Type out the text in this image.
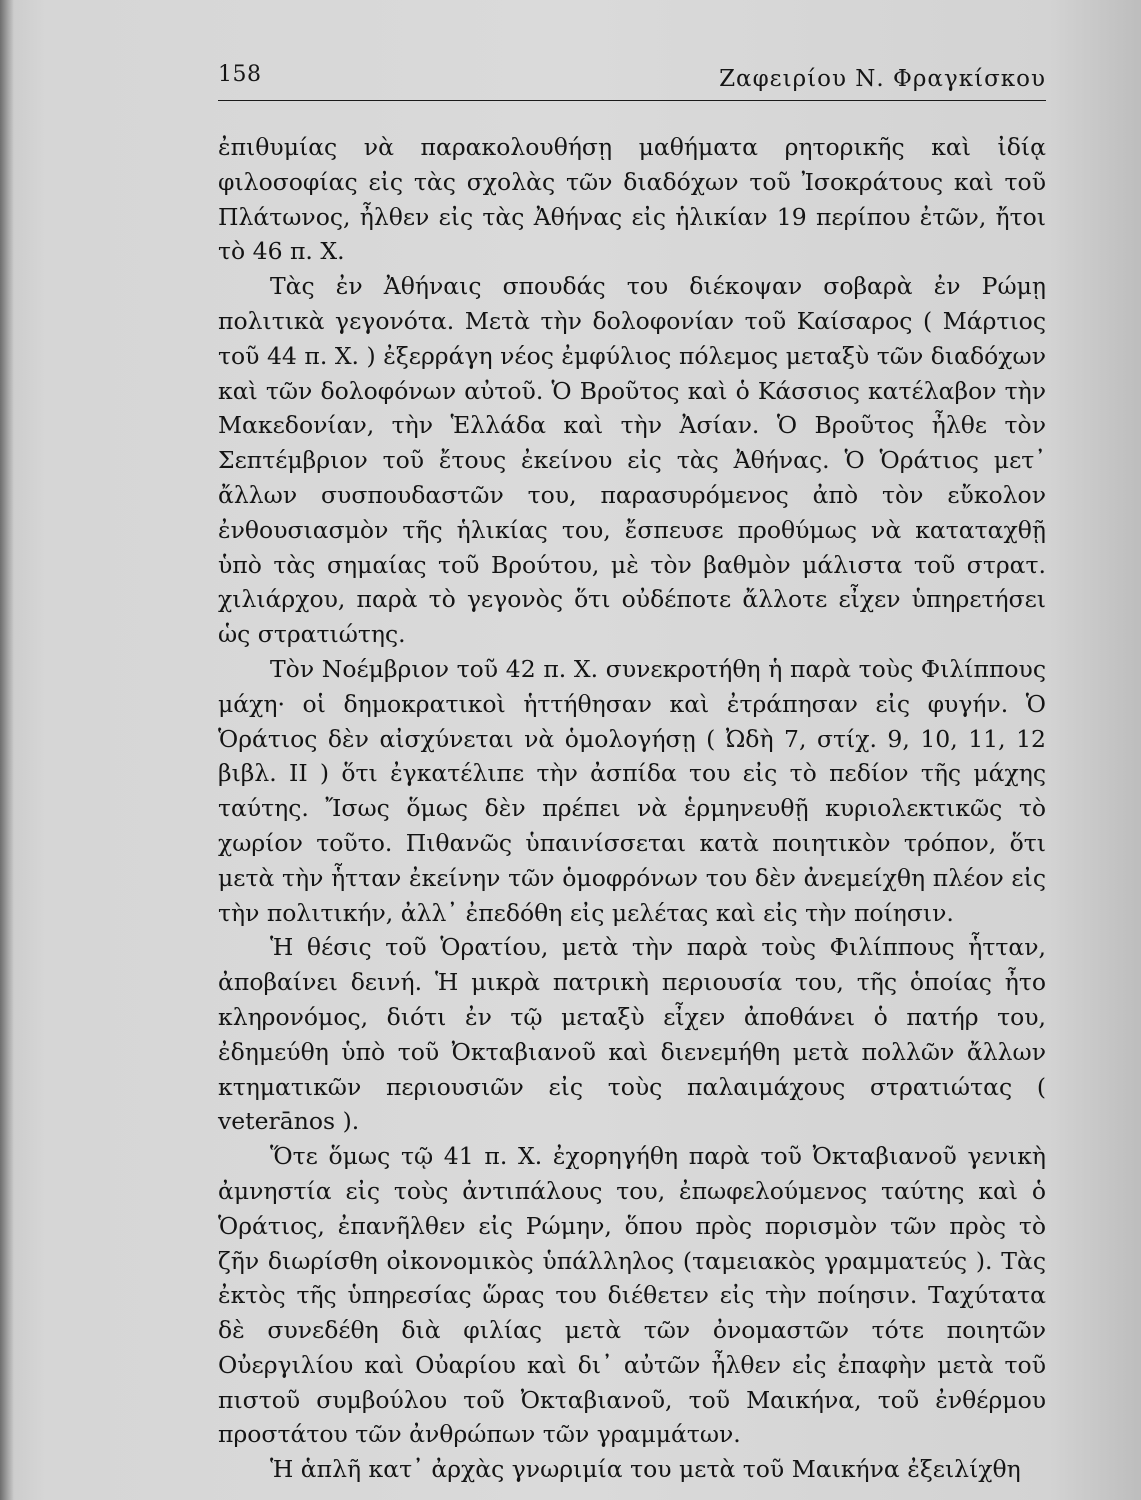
158	Ζαφειρίου Ν. Φραγκίσκου

ἐπιθυμίας νὰ παρακολουθήσῃ μαθήματα ρητορικῆς καὶ ἰδίᾳ φιλοσοφίας εἰς τὰς σχολὰς τῶν διαδόχων τοῦ Ἰσοκράτους καὶ τοῦ Πλάτωνος, ἦλθεν εἰς τὰς Ἀθήνας εἰς ἡλικίαν 19 περίπου ἐτῶν, ἤτοι τὸ 46 π. Χ.

Τὰς ἐν Ἀθήναις σπουδάς του διέκοψαν σοβαρὰ ἐν Ρώμῃ πολιτικὰ γεγονότα. Μετὰ τὴν δολοφονίαν τοῦ Καίσαρος ( Μάρτιος τοῦ 44 π. Χ. ) ἐξερράγη νέος ἐμφύλιος πόλεμος μεταξὺ τῶν διαδόχων καὶ τῶν δολοφόνων αὐτοῦ. Ὁ Βροῦτος καὶ ὁ Κάσσιος κατέλαβον τὴν Μακεδονίαν, τὴν Ἑλλάδα καὶ τὴν Ἀσίαν. Ὁ Βροῦτος ἦλθε τὸν Σεπτέμβριον τοῦ ἔτους ἐκείνου εἰς τὰς Ἀθήνας. Ὁ Ὁράτιος μετ᾽ ἄλλων συσπουδαστῶν του, παρασυρόμενος ἀπὸ τὸν εὔκολον ἐνθουσιασμὸν τῆς ἡλικίας του, ἔσπευσε προθύμως νὰ καταταχθῇ ὑπὸ τὰς σημαίας τοῦ Βρούτου, μὲ τὸν βαθμὸν μάλιστα τοῦ στρατ. χιλιάρχου, παρὰ τὸ γεγονὸς ὅτι οὐδέποτε ἄλλοτε εἶχεν ὑπηρετήσει ὡς στρατιώτης.

Τὸν Νοέμβριον τοῦ 42 π. Χ. συνεκροτήθη ἡ παρὰ τοὺς Φιλίππους μάχη· οἱ δημοκρατικοὶ ἡττήθησαν καὶ ἐτράπησαν εἰς φυγήν. Ὁ Ὁράτιος δὲν αἰσχύνεται νὰ ὁμολογήσῃ ( Ὠδὴ 7, στίχ. 9, 10, 11, 12 βιβλ. ΙΙ ) ὅτι ἐγκατέλιπε τὴν ἀσπίδα του εἰς τὸ πεδίον τῆς μάχης ταύτης. Ἴσως ὅμως δὲν πρέπει νὰ ἑρμηνευθῇ κυριολεκτικῶς τὸ χωρίον τοῦτο. Πιθανῶς ὑπαινίσσεται κατὰ ποιητικὸν τρόπον, ὅτι μετὰ τὴν ἧτταν ἐκείνην τῶν ὁμοφρόνων του δὲν ἀνεμείχθη πλέον εἰς τὴν πολιτικήν, ἀλλ᾽ ἐπεδόθη εἰς μελέτας καὶ εἰς τὴν ποίησιν.

Ἡ θέσις τοῦ Ὁρατίου, μετὰ τὴν παρὰ τοὺς Φιλίππους ἧτταν, ἀποβαίνει δεινή. Ἡ μικρὰ πατρικὴ περιουσία του, τῆς ὁποίας ἦτο κληρονόμος, διότι ἐν τῷ μεταξὺ εἶχεν ἀποθάνει ὁ πατήρ του, ἐδημεύθη ὑπὸ τοῦ Ὀκταβιανοῦ καὶ διενεμήθη μετὰ πολλῶν ἄλλων κτηματικῶν περιουσιῶν εἰς τοὺς παλαιμάχους στρατιώτας ( veterānos ).

Ὅτε ὅμως τῷ 41 π. Χ. ἐχορηγήθη παρὰ τοῦ Ὀκταβιανοῦ γενικὴ ἀμνηστία εἰς τοὺς ἀντιπάλους του, ἐπωφελούμενος ταύτης καὶ ὁ Ὁράτιος, ἐπανῆλθεν εἰς Ρώμην, ὅπου πρὸς πορισμὸν τῶν πρὸς τὸ ζῆν διωρίσθη οἰκονομικὸς ὑπάλληλος (ταμειακὸς γραμματεύς ). Τὰς ἐκτὸς τῆς ὑπηρεσίας ὥρας του διέθετεν εἰς τὴν ποίησιν. Ταχύτατα δὲ συνεδέθη διὰ φιλίας μετὰ τῶν ὀνομαστῶν τότε ποιητῶν Οὐεργιλίου καὶ Οὐαρίου καὶ δι᾽ αὐτῶν ἦλθεν εἰς ἐπαφὴν μετὰ τοῦ πιστοῦ συμβούλου τοῦ Ὀκταβιανοῦ, τοῦ Μαικήνα, τοῦ ἐνθέρμου προστάτου τῶν ἀνθρώπων τῶν γραμμάτων.

Ἡ ἁπλῆ κατ᾽ ἀρχὰς γνωριμία του μετὰ τοῦ Μαικήνα ἐξειλίχθη
